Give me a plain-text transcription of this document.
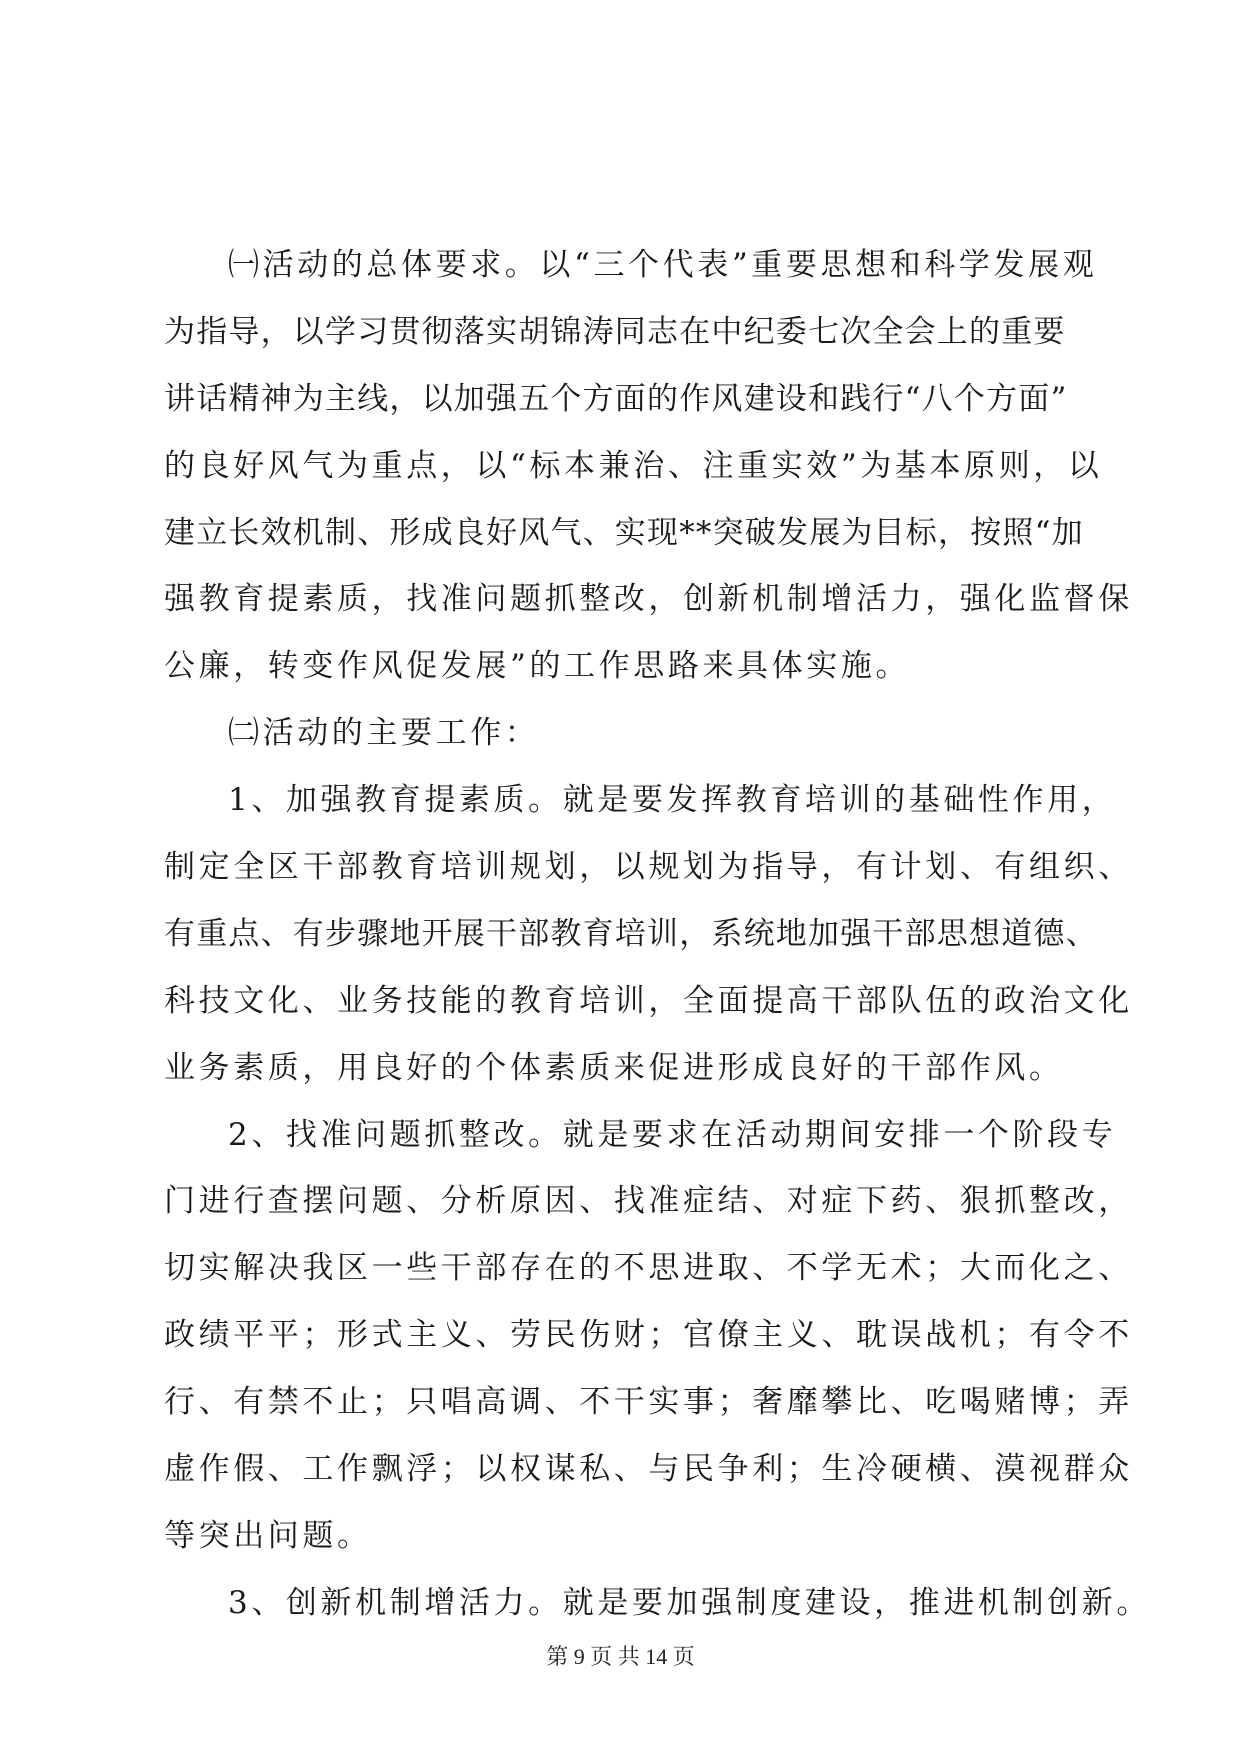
㈠活动的总体要求。以“三个代表”重要思想和科学发展观
为指导，以学习贯彻落实胡锦涛同志在中纪委七次全会上的重要
讲话精神为主线，以加强五个方面的作风建设和践行“八个方面”
的良好风气为重点，以“标本兼治、注重实效”为基本原则，以
建立长效机制、形成良好风气、实现**突破发展为目标，按照“加
强教育提素质，找准问题抓整改，创新机制增活力，强化监督保
公廉，转变作风促发展”的工作思路来具体实施。
㈡活动的主要工作：
1、加强教育提素质。就是要发挥教育培训的基础性作用，
制定全区干部教育培训规划，以规划为指导，有计划、有组织、
有重点、有步骤地开展干部教育培训，系统地加强干部思想道德、
科技文化、业务技能的教育培训，全面提高干部队伍的政治文化
业务素质，用良好的个体素质来促进形成良好的干部作风。
2、找准问题抓整改。就是要求在活动期间安排一个阶段专
门进行查摆问题、分析原因、找准症结、对症下药、狠抓整改，
切实解决我区一些干部存在的不思进取、不学无术；大而化之、
政绩平平；形式主义、劳民伤财；官僚主义、耽误战机；有令不
行、有禁不止；只唱高调、不干实事；奢靡攀比、吃喝赌博；弄
虚作假、工作飘浮；以权谋私、与民争利；生冷硬横、漠视群众
等突出问题。
3、创新机制增活力。就是要加强制度建设，推进机制创新。
第 9 页 共 14 页
